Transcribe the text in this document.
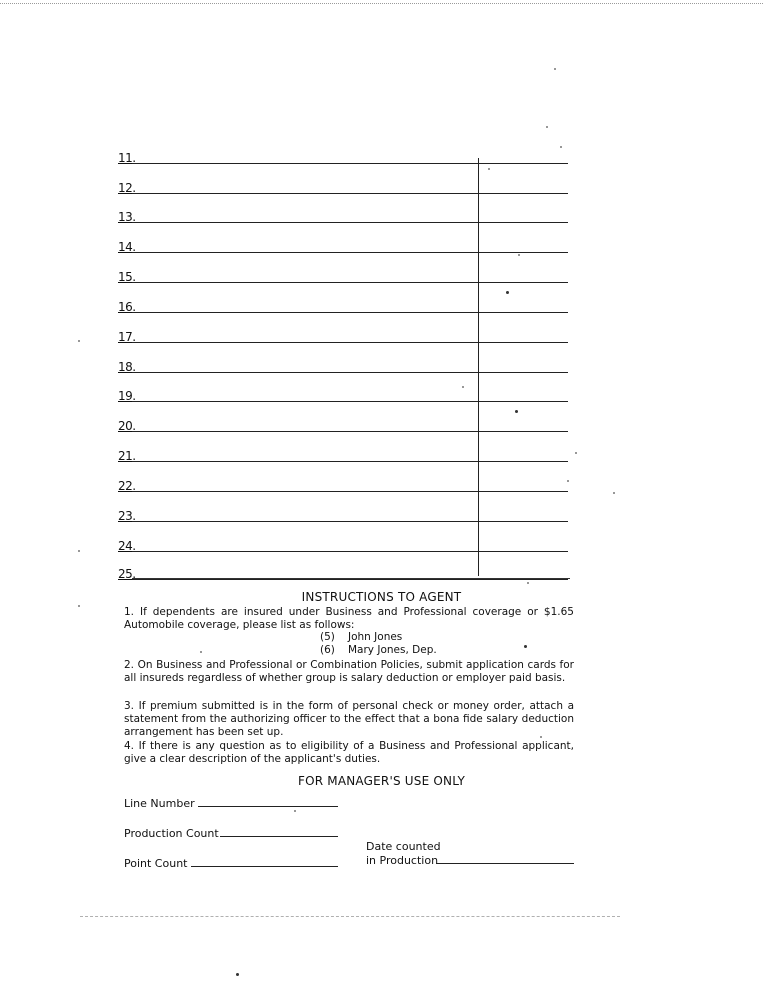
11.
12.
13.
14.
15.
16.
17.
18.
19.
20.
21.
22.
23.
24.
25.
INSTRUCTIONS TO AGENT
1. If dependents are insured under Business and Professional coverage or $1.65 Automobile coverage, please list as follows:
(5) John Jones
(6) Mary Jones, Dep.
2. On Business and Professional or Combination Policies, submit application cards for all insureds regardless of whether group is salary deduction or employer paid basis.
3. If premium submitted is in the form of personal check or money order, attach a statement from the authorizing officer to the effect that a bona fide salary deduction arrangement has been set up.
4. If there is any question as to eligibility of a Business and Professional applicant, give a clear description of the applicant's duties.
FOR MANAGER'S USE ONLY
Line Number
Production Count
Point Count
Date counted
in Production
